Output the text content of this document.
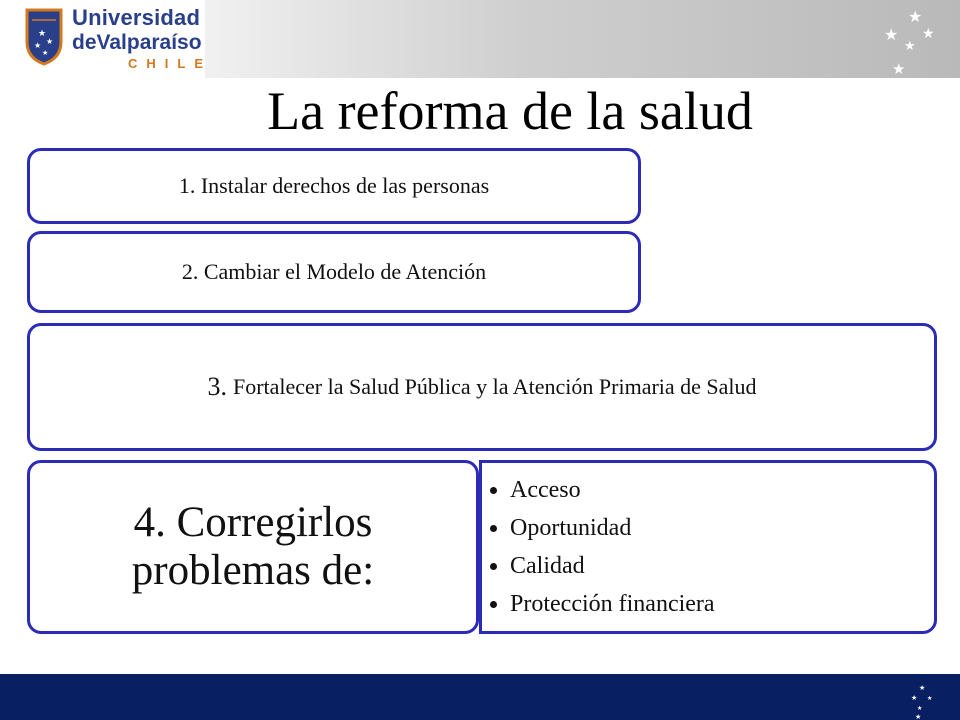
★
★
★
★
Universidad
deValparaíso
CHILE
★
★ ★
★
★
La reforma de la salud
1. Instalar derechos de las personas
2. Cambiar el Modelo de Atención
3. Fortalecer la Salud Pública y la Atención Primaria de Salud
4. Corregirlos
problemas de:
• Acceso
• Oportunidad
• Calidad
• Protección financiera
★
★ ★
★
★
